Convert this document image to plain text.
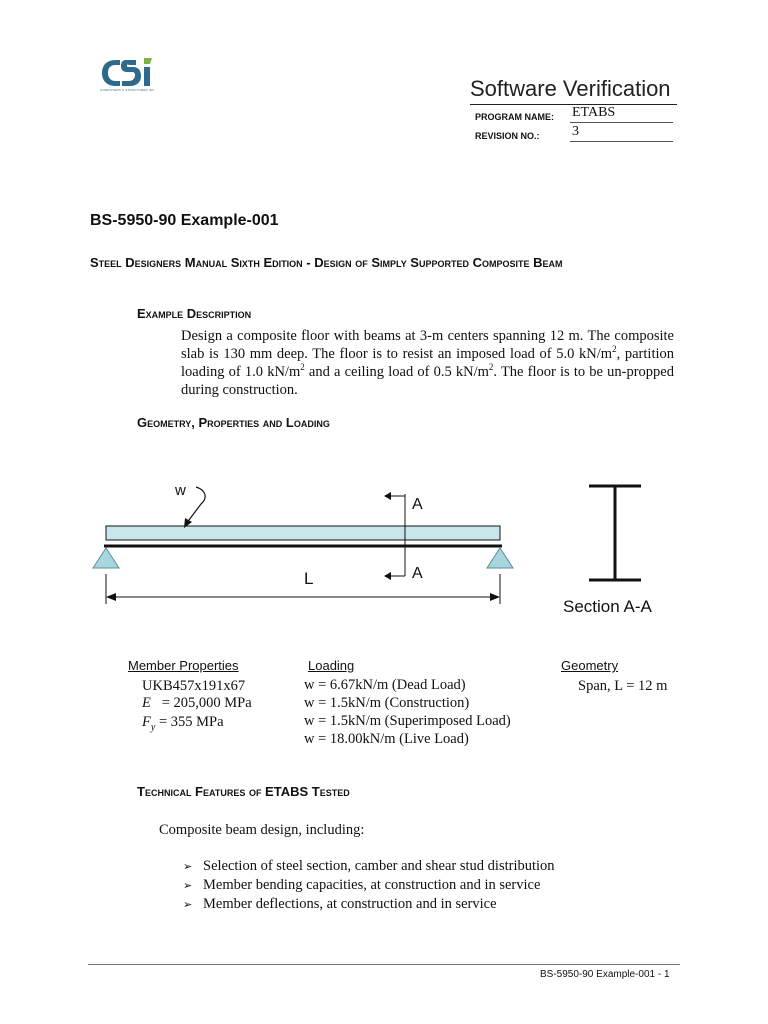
COMPUTERS & STRUCTURES INC.	Software Verification
PROGRAM NAME: ETABS
REVISION NO.: 3
BS-5950-90 Example-001
Steel Designers Manual Sixth Edition - Design of Simply Supported Composite Beam
Example Description
Design a composite floor with beams at 3-m centers spanning 12 m. The composite slab is 130 mm deep. The floor is to resist an imposed load of 5.0 $kN/m^2$, partition loading of 1.0 $kN/m^2$ and a ceiling load of 0.5 $kN/m^2$. The floor is to be un-propped during construction.
Geometry, Properties and Loading
w
A
A
L
Section A-A
Member Properties
UKB457x191x67
E = 205,000 MPa
$F_y = 355$ MPa
Loading
w = 6.67kN/m (Dead Load)
w = 1.5kN/m (Construction)
w = 1.5kN/m (Superimposed Load)
w = 18.00kN/m (Live Load)
Geometry
Span, L = 12 m
Technical Features of ETABS Tested
Composite beam design, including:
➢ Selection of steel section, camber and shear stud distribution
➢ Member bending capacities, at construction and in service
➢ Member deflections, at construction and in service
BS-5950-90 Example-001 - 1
